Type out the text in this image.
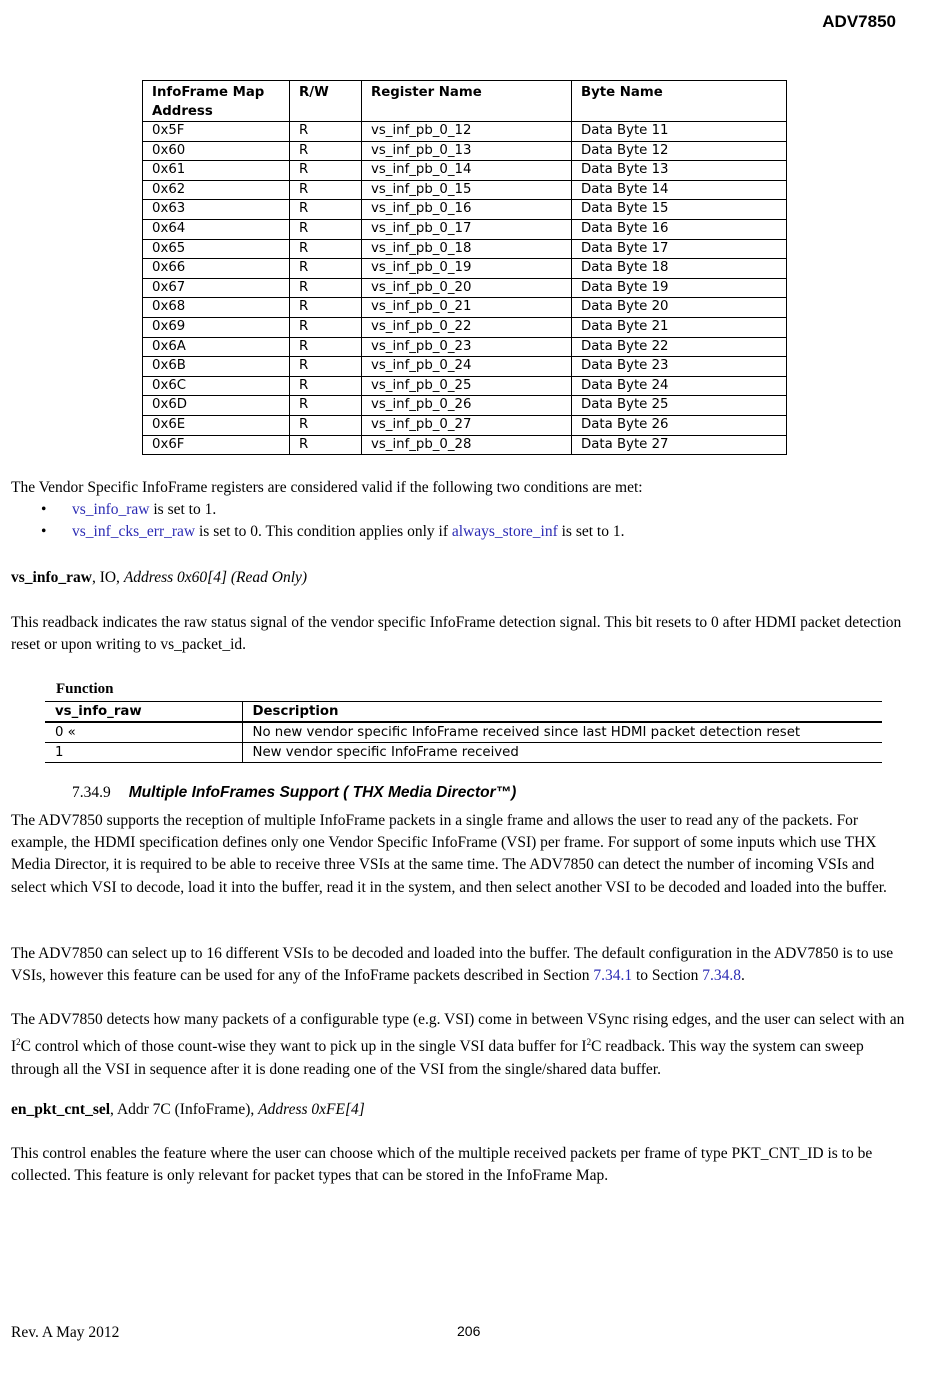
ADV7850
InfoFrame Map Address	R/W	Register Name	Byte Name
0x5F	R	vs_inf_pb_0_12	Data Byte 11
0x60	R	vs_inf_pb_0_13	Data Byte 12
0x61	R	vs_inf_pb_0_14	Data Byte 13
0x62	R	vs_inf_pb_0_15	Data Byte 14
0x63	R	vs_inf_pb_0_16	Data Byte 15
0x64	R	vs_inf_pb_0_17	Data Byte 16
0x65	R	vs_inf_pb_0_18	Data Byte 17
0x66	R	vs_inf_pb_0_19	Data Byte 18
0x67	R	vs_inf_pb_0_20	Data Byte 19
0x68	R	vs_inf_pb_0_21	Data Byte 20
0x69	R	vs_inf_pb_0_22	Data Byte 21
0x6A	R	vs_inf_pb_0_23	Data Byte 22
0x6B	R	vs_inf_pb_0_24	Data Byte 23
0x6C	R	vs_inf_pb_0_25	Data Byte 24
0x6D	R	vs_inf_pb_0_26	Data Byte 25
0x6E	R	vs_inf_pb_0_27	Data Byte 26
0x6F	R	vs_inf_pb_0_28	Data Byte 27
The Vendor Specific InfoFrame registers are considered valid if the following two conditions are met:
• vs_info_raw is set to 1.
• vs_inf_cks_err_raw is set to 0. This condition applies only if always_store_inf is set to 1.
vs_info_raw, IO, Address 0x60[4] (Read Only)
This readback indicates the raw status signal of the vendor specific InfoFrame detection signal. This bit resets to 0 after HDMI packet detection reset or upon writing to vs_packet_id.
Function
vs_info_raw	Description
0 «	No new vendor specific InfoFrame received since last HDMI packet detection reset
1	New vendor specific InfoFrame received
7.34.9 Multiple InfoFrames Support ( THX Media Director™)
The ADV7850 supports the reception of multiple InfoFrame packets in a single frame and allows the user to read any of the packets. For example, the HDMI specification defines only one Vendor Specific InfoFrame (VSI) per frame. For support of some inputs which use THX Media Director, it is required to be able to receive three VSIs at the same time. The ADV7850 can detect the number of incoming VSIs and select which VSI to decode, load it into the buffer, read it in the system, and then select another VSI to be decoded and loaded into the buffer.
The ADV7850 can select up to 16 different VSIs to be decoded and loaded into the buffer. The default configuration in the ADV7850 is to use VSIs, however this feature can be used for any of the InfoFrame packets described in Section 7.34.1 to Section 7.34.8.
The ADV7850 detects how many packets of a configurable type (e.g. VSI) come in between VSync rising edges, and the user can select with an $I^2C$ control which of those count-wise they want to pick up in the single VSI data buffer for $I^2C$ readback. This way the system can sweep through all the VSI in sequence after it is done reading one of the VSI from the single/shared data buffer.
en_pkt_cnt_sel, Addr 7C (InfoFrame), Address 0xFE[4]
This control enables the feature where the user can choose which of the multiple received packets per frame of type PKT_CNT_ID is to be collected. This feature is only relevant for packet types that can be stored in the InfoFrame Map.
Rev. A May 2012	206
